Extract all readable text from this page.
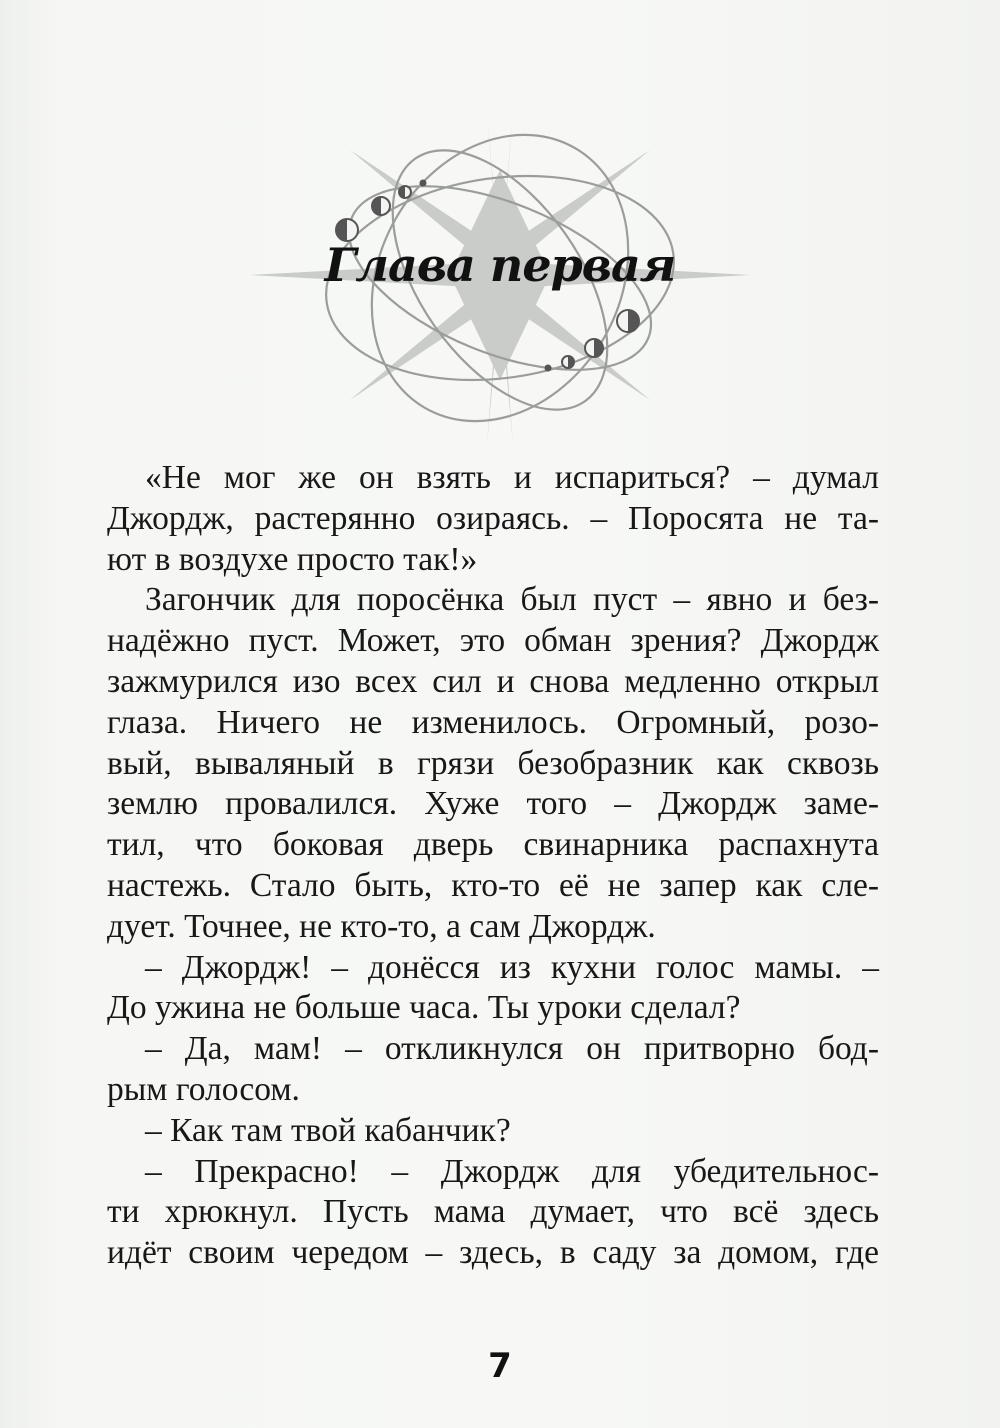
Глава первая

«Не мог же он взять и испариться? – думал
Джордж, растерянно озираясь. – Поросята не та-
ют в воздухе просто так!»

Загончик для поросёнка был пуст – явно и без-
надёжно пуст. Может, это обман зрения? Джордж
зажмурился изо всех сил и снова медленно открыл
глаза. Ничего не изменилось. Огромный, розо-
вый, вываляный в грязи безобразник как сквозь
землю провалился. Хуже того – Джордж заме-
тил, что боковая дверь свинарника распахнута
настежь. Стало быть, кто-то её не запер как сле-
дует. Точнее, не кто-то, а сам Джордж.

– Джордж! – донёсся из кухни голос мамы. –
До ужина не больше часа. Ты уроки сделал?

– Да, мам! – откликнулся он притворно бод-
рым голосом.

– Как там твой кабанчик?

– Прекрасно! – Джордж для убедительнос-
ти хрюкнул. Пусть мама думает, что всё здесь
идёт своим чередом – здесь, в саду за домом, где

7
